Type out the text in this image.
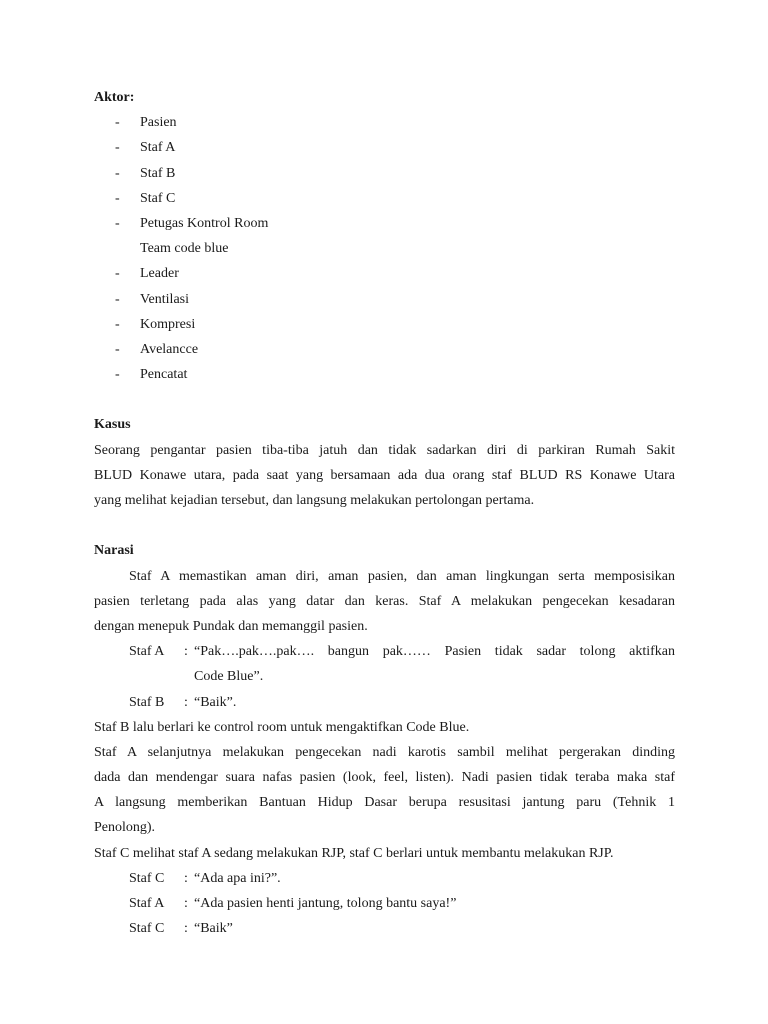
Aktor:
- Pasien
- Staf A
- Staf B
- Staf C
- Petugas Kontrol Room
Team code blue
- Leader
- Ventilasi
- Kompresi
- Avelancce
- Pencatat
Kasus
Seorang pengantar pasien tiba-tiba jatuh dan tidak sadarkan diri di parkiran Rumah Sakit
BLUD Konawe utara, pada saat yang bersamaan ada dua orang staf BLUD RS Konawe Utara
yang melihat kejadian tersebut, dan langsung melakukan pertolongan pertama.
Narasi
Staf A memastikan aman diri, aman pasien, dan aman lingkungan serta memposisikan
pasien terletang pada alas yang datar dan keras. Staf A melakukan pengecekan kesadaran
dengan menepuk Pundak dan memanggil pasien.
Staf A : “Pak….pak….pak…. bangun pak…… Pasien tidak sadar tolong aktifkan
Code Blue”.
Staf B : “Baik”.
Staf B lalu berlari ke control room untuk mengaktifkan Code Blue.
Staf A selanjutnya melakukan pengecekan nadi karotis sambil melihat pergerakan dinding
dada dan mendengar suara nafas pasien (look, feel, listen). Nadi pasien tidak teraba maka staf
A langsung memberikan Bantuan Hidup Dasar berupa resusitasi jantung paru (Tehnik 1
Penolong).
Staf C melihat staf A sedang melakukan RJP, staf C berlari untuk membantu melakukan RJP.
Staf C : “Ada apa ini?”.
Staf A : “Ada pasien henti jantung, tolong bantu saya!”
Staf C : “Baik”
